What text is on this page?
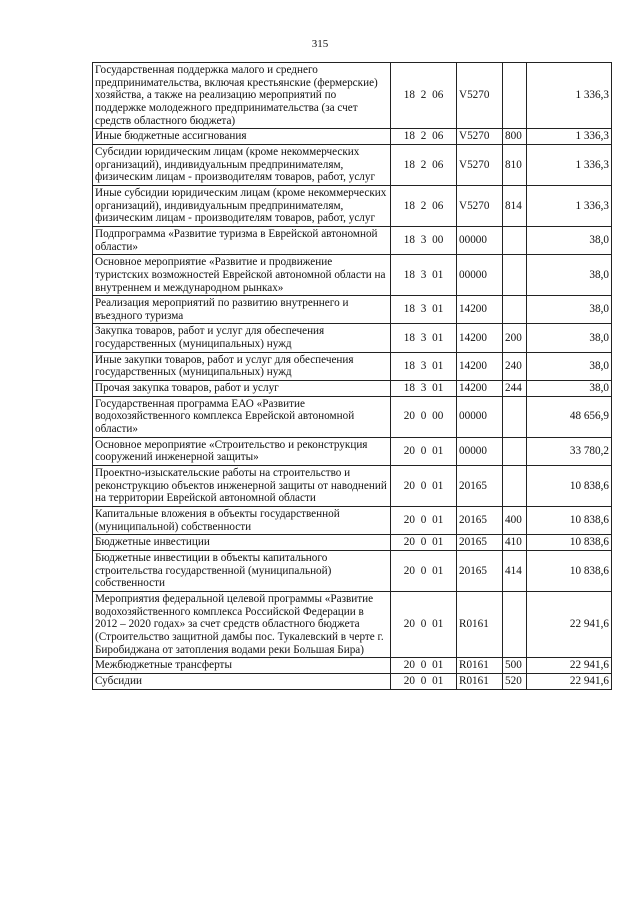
315
Государственная поддержка малого и среднего предпринимательства, включая крестьянские (фермерские) хозяйства, а также на реализацию мероприятий по поддержке молодежного предпринимательства (за счет средств областного бюджета)	18 2 06	V5270		1 336,3
Иные бюджетные ассигнования	18 2 06	V5270	800	1 336,3
Субсидии юридическим лицам (кроме некоммерческих организаций), индивидуальным предпринимателям, физическим лицам - производителям товаров, работ, услуг	18 2 06	V5270	810	1 336,3
Иные субсидии юридическим лицам (кроме некоммерческих организаций), индивидуальным предпринимателям, физическим лицам - производителям товаров, работ, услуг	18 2 06	V5270	814	1 336,3
Подпрограмма «Развитие туризма в Еврейской автономной области»	18 3 00	00000		38,0
Основное мероприятие «Развитие и продвижение туристских возможностей Еврейской автономной области на внутреннем и международном рынках»	18 3 01	00000		38,0
Реализация мероприятий по развитию внутреннего и въездного туризма	18 3 01	14200		38,0
Закупка товаров, работ и услуг для обеспечения государственных (муниципальных) нужд	18 3 01	14200	200	38,0
Иные закупки товаров, работ и услуг для обеспечения государственных (муниципальных) нужд	18 3 01	14200	240	38,0
Прочая закупка товаров, работ и услуг	18 3 01	14200	244	38,0
Государственная программа ЕАО «Развитие водохозяйственного комплекса Еврейской автономной области»	20 0 00	00000		48 656,9
Основное мероприятие «Строительство и реконструкция сооружений инженерной защиты»	20 0 01	00000		33 780,2
Проектно-изыскательские работы на строительство и реконструкцию объектов инженерной защиты от наводнений на территории Еврейской автономной области	20 0 01	20165		10 838,6
Капитальные вложения в объекты государственной (муниципальной) собственности	20 0 01	20165	400	10 838,6
Бюджетные инвестиции	20 0 01	20165	410	10 838,6
Бюджетные инвестиции в объекты капитального строительства государственной (муниципальной) собственности	20 0 01	20165	414	10 838,6
Мероприятия федеральной целевой программы «Развитие водохозяйственного комплекса Российской Федерации в 2012 – 2020 годах» за счет средств областного бюджета (Строительство защитной дамбы пос. Тукалевский в черте г. Биробиджана от затопления водами реки Большая Бира)	20 0 01	R0161		22 941,6
Межбюджетные трансферты	20 0 01	R0161	500	22 941,6
Субсидии	20 0 01	R0161	520	22 941,6
